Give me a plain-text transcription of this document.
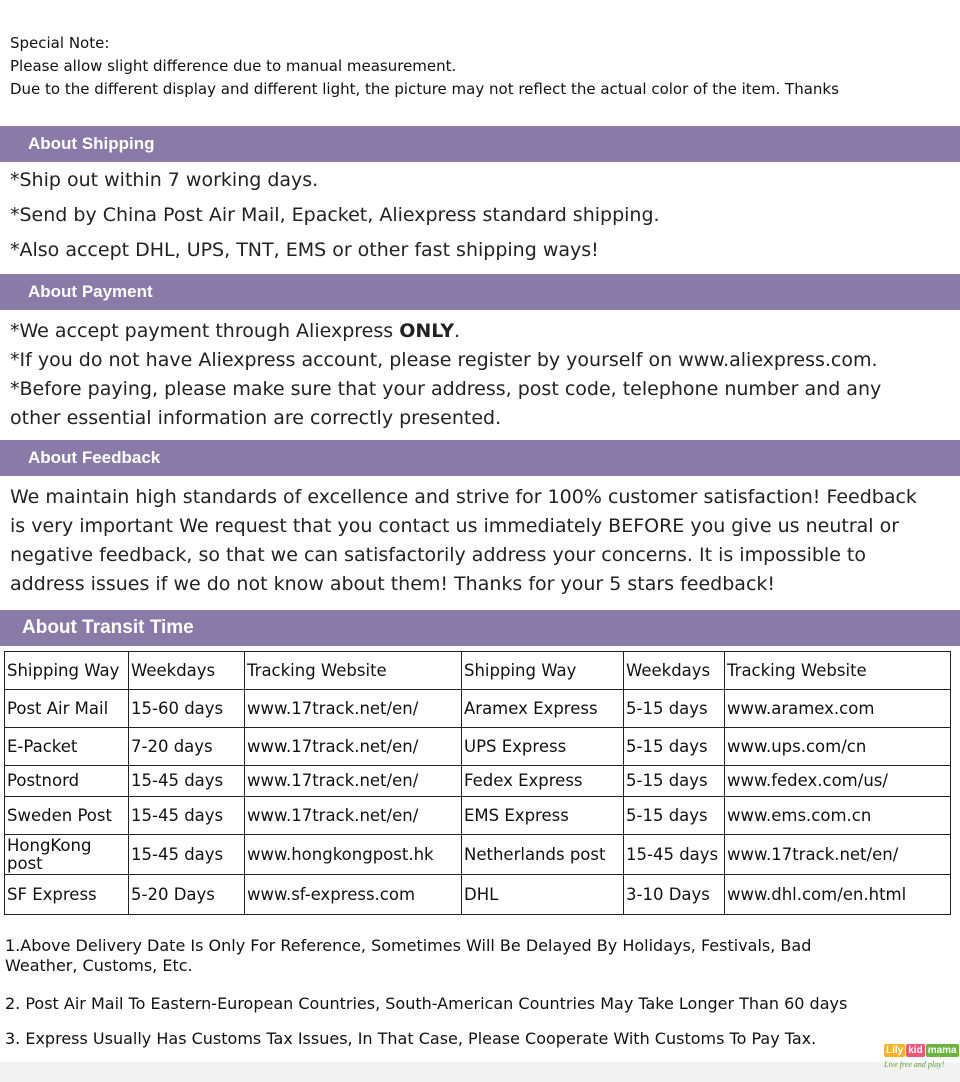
Special Note:
Please allow slight difference due to manual measurement.
Due to the different display and different light, the picture may not reflect the actual color of the item. Thanks
About Shipping
*Ship out within 7 working days.
*Send by China Post Air Mail, Epacket, Aliexpress standard shipping.
*Also accept DHL, UPS, TNT, EMS or other fast shipping ways!
About Payment
*We accept payment through Aliexpress ONLY.
*If you do not have Aliexpress account, please register by yourself on www.aliexpress.com.
*Before paying, please make sure that your address, post code, telephone number and any
other essential information are correctly presented.
About Feedback
We maintain high standards of excellence and strive for 100% customer satisfaction! Feedback
is very important We request that you contact us immediately BEFORE you give us neutral or
negative feedback, so that we can satisfactorily address your concerns. It is impossible to
address issues if we do not know about them! Thanks for your 5 stars feedback!
About Transit Time
Shipping Way	Weekdays	Tracking Website	Shipping Way	Weekdays	Tracking Website
Post Air Mail	15-60 days	www.17track.net/en/	Aramex Express	5-15 days	www.aramex.com
E-Packet	7-20 days	www.17track.net/en/	UPS Express	5-15 days	www.ups.com/cn
Postnord	15-45 days	www.17track.net/en/	Fedex Express	5-15 days	www.fedex.com/us/
Sweden Post	15-45 days	www.17track.net/en/	EMS Express	5-15 days	www.ems.com.cn
HongKong post	15-45 days	www.hongkongpost.hk	Netherlands post	15-45 days	www.17track.net/en/
SF Express	5-20 Days	www.sf-express.com	DHL	3-10 Days	www.dhl.com/en.html
1.Above Delivery Date Is Only For Reference, Sometimes Will Be Delayed By Holidays, Festivals, Bad
Weather, Customs, Etc.
2. Post Air Mail To Eastern-European Countries, South-American Countries May Take Longer Than 60 days
3. Express Usually Has Customs Tax Issues, In That Case, Please Cooperate With Customs To Pay Tax.
Lily kid mama
Live free and play!
